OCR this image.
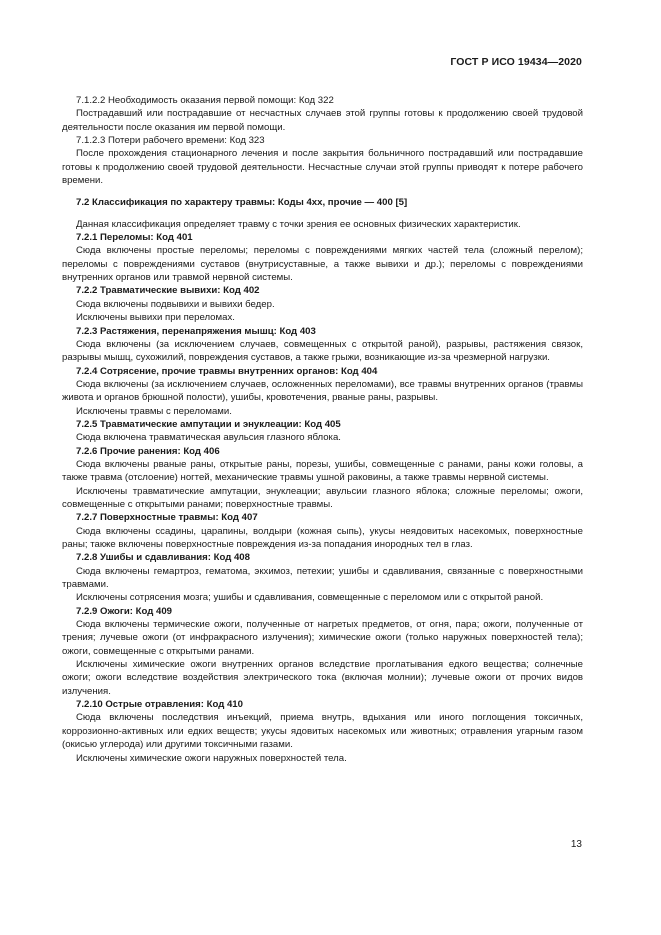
ГОСТ Р ИСО 19434—2020

7.1.2.2 Необходимость оказания первой помощи: Код 322

Пострадавший или пострадавшие от несчастных случаев этой группы готовы к продолжению своей трудовой деятельности после оказания им первой помощи.

7.1.2.3 Потери рабочего времени: Код 323

После прохождения стационарного лечения и после закрытия больничного пострадавший или пострадавшие готовы к продолжению своей трудовой деятельности. Несчастные случаи этой группы приводят к потере рабочего времени.

7.2 Классификация по характеру травмы: Коды 4хх, прочие — 400 [5]

Данная классификация определяет травму с точки зрения ее основных физических характеристик.

7.2.1 Переломы: Код 401

Сюда включены простые переломы; переломы с повреждениями мягких частей тела (сложный перелом); переломы с повреждениями суставов (внутрисуставные, а также вывихи и др.); переломы с повреждениями внутренних органов или травмой нервной системы.

7.2.2 Травматические вывихи: Код 402

Сюда включены подвывихи и вывихи бедер.

Исключены вывихи при переломах.

7.2.3 Растяжения, перенапряжения мышц: Код 403

Сюда включены (за исключением случаев, совмещенных с открытой раной), разрывы, растяжения связок, разрывы мышц, сухожилий, повреждения суставов, а также грыжи, возникающие из-за чрезмерной нагрузки.

7.2.4 Сотрясение, прочие травмы внутренних органов: Код 404

Сюда включены (за исключением случаев, осложненных переломами), все травмы внутренних органов (травмы живота и органов брюшной полости), ушибы, кровотечения, рваные раны, разрывы.

Исключены травмы с переломами.

7.2.5 Травматические ампутации и энуклеации: Код 405

Сюда включена травматическая авульсия глазного яблока.

7.2.6 Прочие ранения: Код 406

Сюда включены рваные раны, открытые раны, порезы, ушибы, совмещенные с ранами, раны кожи головы, а также травма (отслоение) ногтей, механические травмы ушной раковины, а также травмы нервной системы.

Исключены травматические ампутации, энуклеации; авульсии глазного яблока; сложные переломы; ожоги, совмещенные с открытыми ранами; поверхностные травмы.

7.2.7 Поверхностные травмы: Код 407

Сюда включены ссадины, царапины, волдыри (кожная сыпь), укусы неядовитых насекомых, поверхностные раны; также включены поверхностные повреждения из-за попадания инородных тел в глаз.

7.2.8 Ушибы и сдавливания: Код 408

Сюда включены гемартроз, гематома, экхимоз, петехии; ушибы и сдавливания, связанные с поверхностными травмами.

Исключены сотрясения мозга; ушибы и сдавливания, совмещенные с переломом или с открытой раной.

7.2.9 Ожоги: Код 409

Сюда включены термические ожоги, полученные от нагретых предметов, от огня, пара; ожоги, полученные от трения; лучевые ожоги (от инфракрасного излучения); химические ожоги (только наружных поверхностей тела); ожоги, совмещенные с открытыми ранами.

Исключены химические ожоги внутренних органов вследствие проглатывания едкого вещества; солнечные ожоги; ожоги вследствие воздействия электрического тока (включая молнии); лучевые ожоги от прочих видов излучения.

7.2.10 Острые отравления: Код 410

Сюда включены последствия инъекций, приема внутрь, вдыхания или иного поглощения токсичных, коррозионно-активных или едких веществ; укусы ядовитых насекомых или животных; отравления угарным газом (окисью углерода) или другими токсичными газами.

Исключены химические ожоги наружных поверхностей тела.

13
